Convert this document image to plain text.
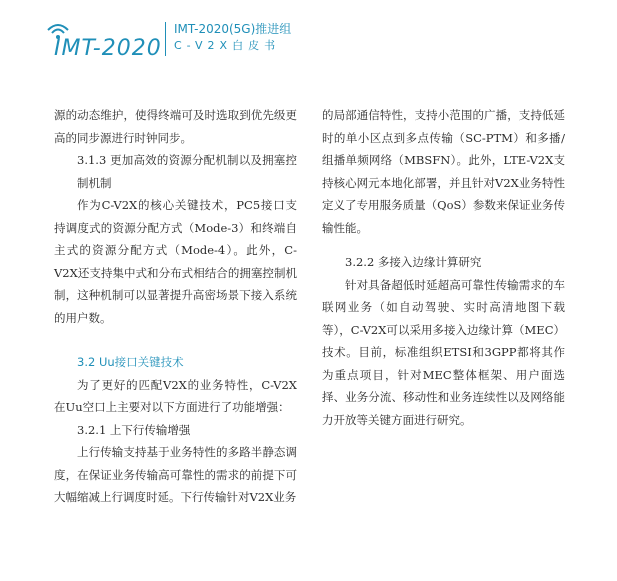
IMT-2020
IMT-2020(5G)推进组
C-V2X白皮书

源的动态维护，使得终端可及时选取到优先级更高的同步源进行时钟同步。

3.1.3 更加高效的资源分配机制以及拥塞控制机制

作为C-V2X的核心关键技术，PC5接口支持调度式的资源分配方式（Mode-3）和终端自主式的资源分配方式（Mode-4）。此外，C-V2X还支持集中式和分布式相结合的拥塞控制机制，这种机制可以显著提升高密场景下接入系统的用户数。

3.2 Uu接口关键技术

为了更好的匹配V2X的业务特性，C-V2X在Uu空口上主要对以下方面进行了功能增强：

3.2.1 上下行传输增强

上行传输支持基于业务特性的多路半静态调度，在保证业务传输高可靠性的需求的前提下可大幅缩减上行调度时延。下行传输针对V2X业务

的局部通信特性，支持小范围的广播，支持低延时的单小区点到多点传输（SC-PTM）和多播/组播单频网络（MBSFN）。此外，LTE-V2X支持核心网元本地化部署，并且针对V2X业务特性定义了专用服务质量（QoS）参数来保证业务传输性能。

3.2.2 多接入边缘计算研究

针对具备超低时延超高可靠性传输需求的车联网业务（如自动驾驶、实时高清地图下载等），C-V2X可以采用多接入边缘计算（MEC）技术。目前，标准组织ETSI和3GPP都将其作为重点项目，针对MEC整体框架、用户面选择、业务分流、移动性和业务连续性以及网络能力开放等关键方面进行研究。
